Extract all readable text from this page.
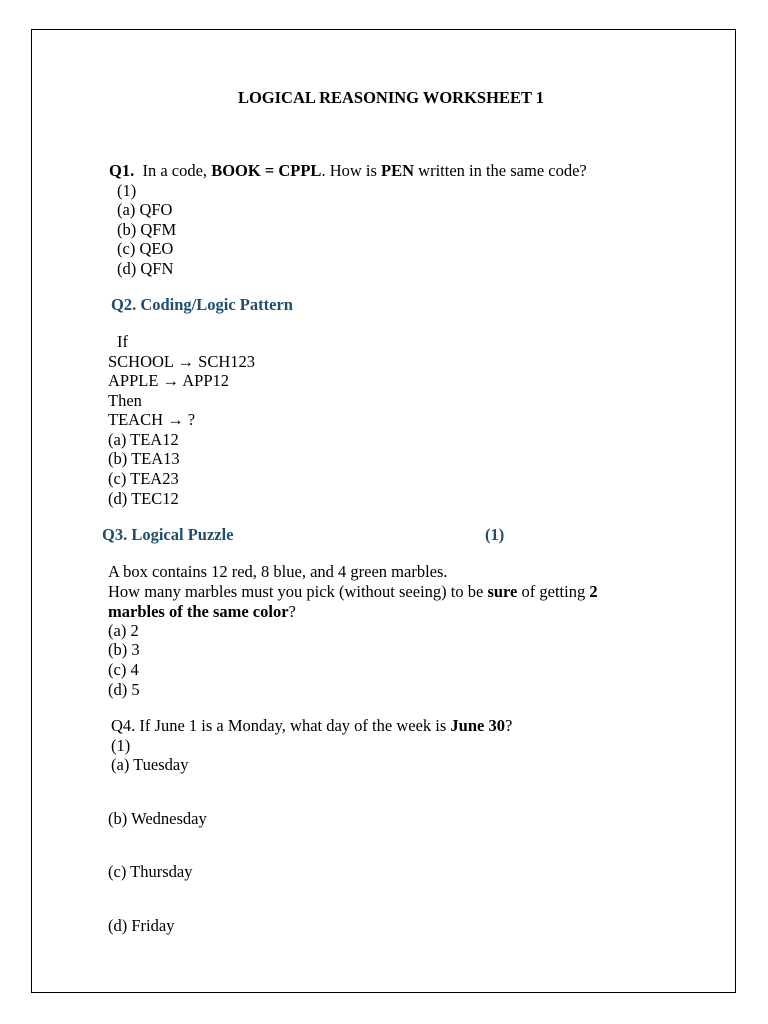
LOGICAL REASONING WORKSHEET 1
Q1. In a code, BOOK = CPPL. How is PEN written in the same code?
(1)
(a) QFO
(b) QFM
(c) QEO
(d) QFN
Q2. Coding/Logic Pattern
If
SCHOOL → SCH123
APPLE → APP12
Then
TEACH → ?
(a) TEA12
(b) TEA13
(c) TEA23
(d) TEC12
Q3. Logical Puzzle	(1)
A box contains 12 red, 8 blue, and 4 green marbles.
How many marbles must you pick (without seeing) to be sure of getting 2
marbles of the same color?
(a) 2
(b) 3
(c) 4
(d) 5
Q4. If June 1 is a Monday, what day of the week is June 30?
(1)
(a) Tuesday
(b) Wednesday
(c) Thursday
(d) Friday
